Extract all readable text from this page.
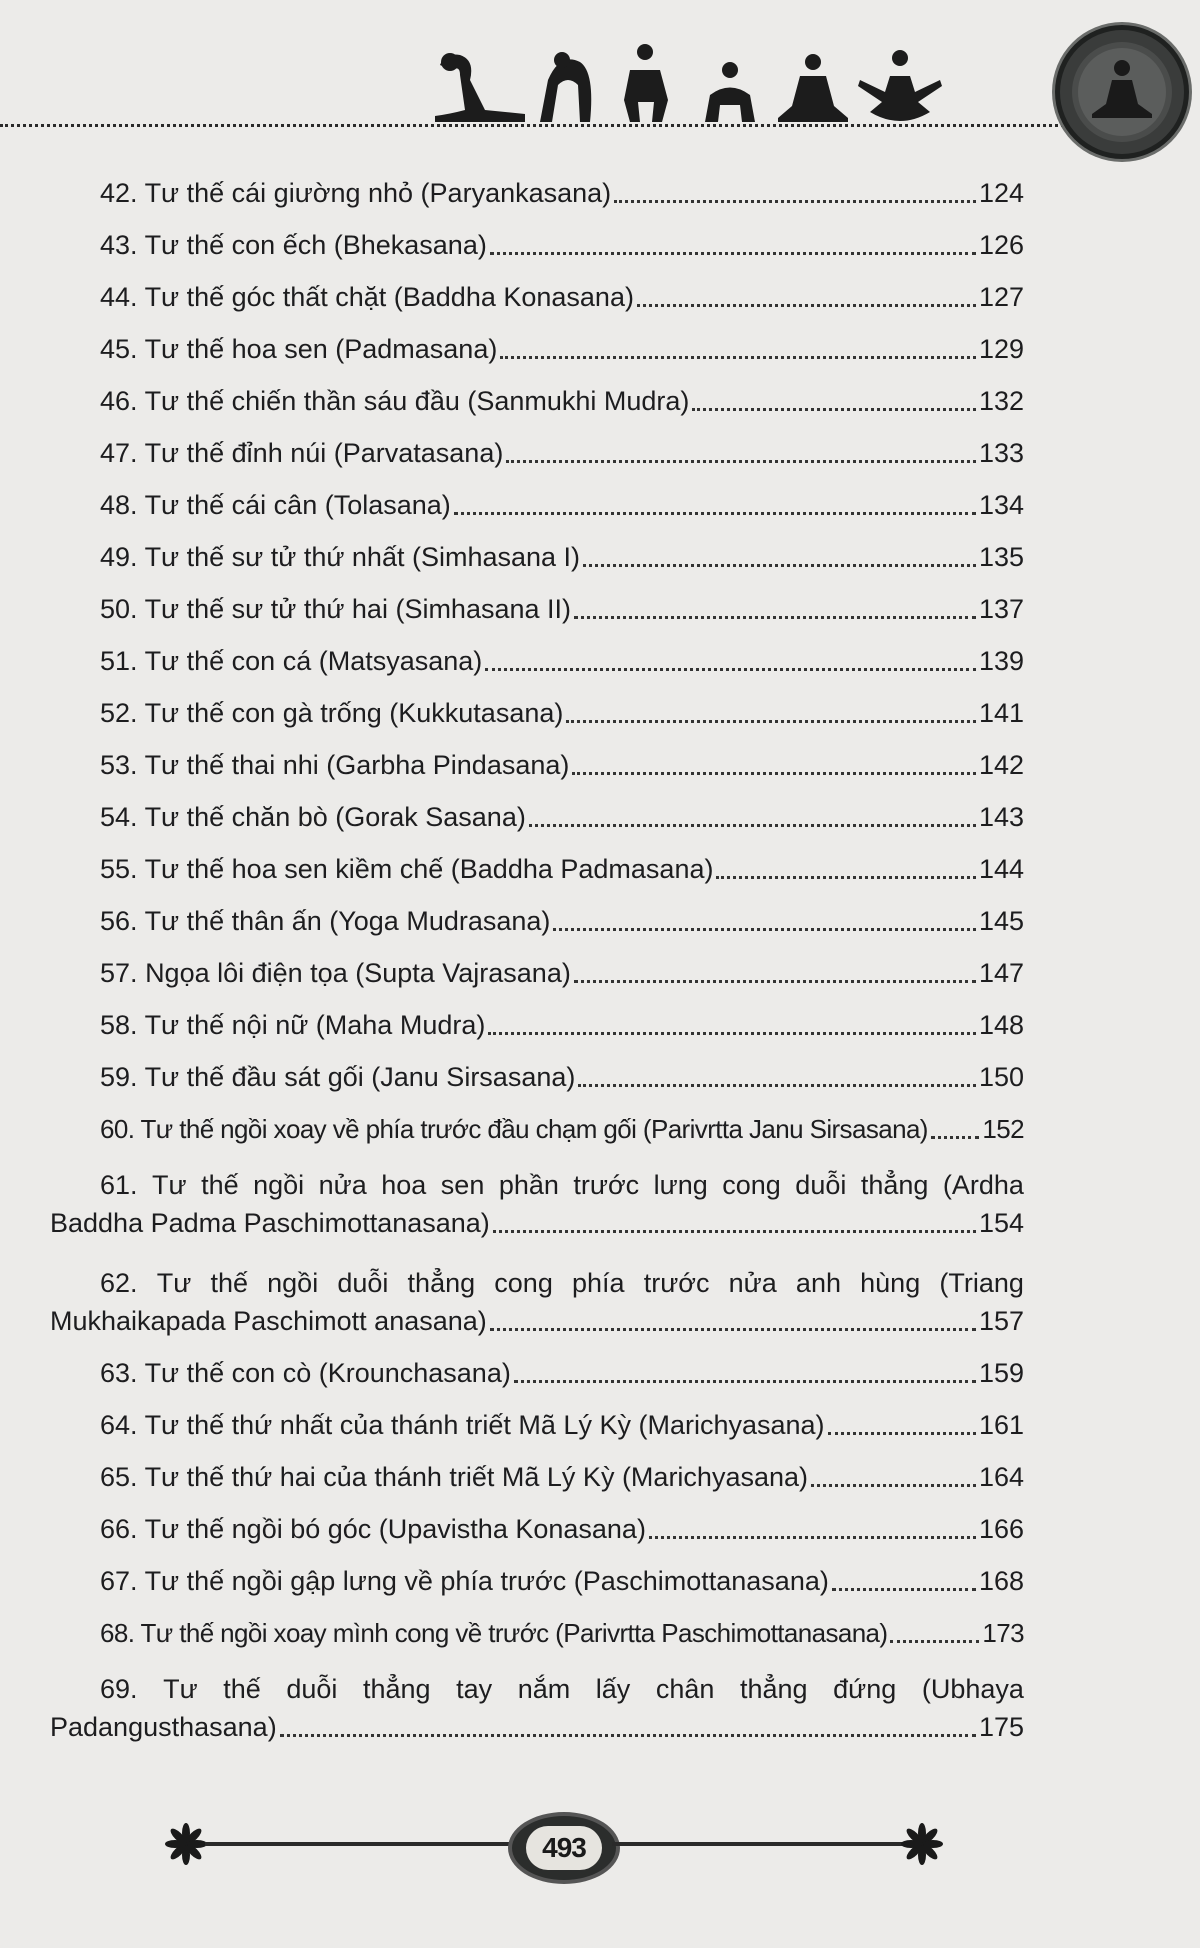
42. Tư thế cái giường nhỏ (Paryankasana)	124
43. Tư thế con ếch (Bhekasana)	126
44. Tư thế góc thất chặt (Baddha Konasana)	127
45. Tư thế hoa sen (Padmasana)	129
46. Tư thế chiến thần sáu đầu (Sanmukhi Mudra)	132
47. Tư thế đỉnh núi (Parvatasana)	133
48. Tư thế cái cân (Tolasana)	134
49. Tư thế sư tử thứ nhất (Simhasana I)	135
50. Tư thế sư tử thứ hai (Simhasana II)	137
51. Tư thế con cá (Matsyasana)	139
52. Tư thế con gà trống (Kukkutasana)	141
53. Tư thế thai nhi (Garbha Pindasana)	142
54. Tư thế chăn bò (Gorak Sasana)	143
55. Tư thế hoa sen kiềm chế (Baddha Padmasana)	144
56. Tư thế thân ấn (Yoga Mudrasana)	145
57. Ngọa lôi điện tọa (Supta Vajrasana)	147
58. Tư thế nội nữ (Maha Mudra)	148
59. Tư thế đầu sát gối (Janu Sirsasana)	150
60. Tư thế ngồi xoay về phía trước đầu chạm gối (Parivrtta Janu Sirsasana) 152
61. Tư thế ngồi nửa hoa sen phần trước lưng cong duỗi thẳng (Ardha
Baddha Padma Paschimottanasana)	154
62. Tư thế ngồi duỗi thẳng cong phía trước nửa anh hùng (Triang
Mukhaikapada Paschimott anasana)	157
63. Tư thế con cò (Krounchasana)	159
64. Tư thế thứ nhất của thánh triết Mã Lý Kỳ (Marichyasana)	161
65. Tư thế thứ hai của thánh triết Mã Lý Kỳ (Marichyasana)	164
66. Tư thế ngồi bó góc (Upavistha Konasana)	166
67. Tư thế ngồi gập lưng về phía trước (Paschimottanasana)	168
68. Tư thế ngồi xoay mình cong về trước (Parivrtta Paschimottanasana)	173
69. Tư thế duỗi thẳng tay nắm lấy chân thẳng đứng (Ubhaya
Padangusthasana)	175
493
